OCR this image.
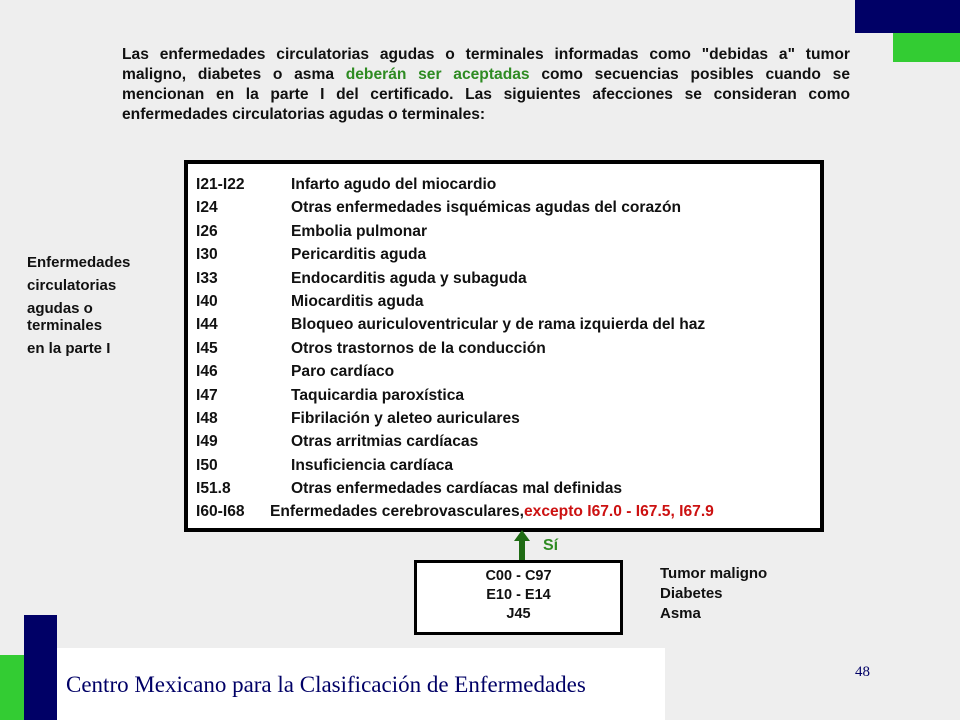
Las enfermedades circulatorias agudas o terminales informadas como "debidas a" tumor maligno, diabetes o asma deberán ser aceptadas como secuencias posibles cuando se mencionan en la parte I del certificado. Las siguientes afecciones se consideran como enfermedades circulatorias agudas o terminales:
Enfermedades
circulatorias
agudas o terminales
en la parte I
I21-I22	Infarto agudo del miocardio
I24	Otras enfermedades isquémicas agudas del corazón
I26	Embolia pulmonar
I30	Pericarditis aguda
I33	Endocarditis aguda y subaguda
I40	Miocarditis aguda
I44	Bloqueo auriculoventricular y de rama izquierda del haz
I45	Otros trastornos de la conducción
I46	Paro cardíaco
I47	Taquicardia paroxística
I48	Fibrilación y aleteo auriculares
I49	Otras arritmias cardíacas
I50	Insuficiencia cardíaca
I51.8	Otras enfermedades cardíacas mal definidas
I60-I68	Enfermedades cerebrovasculares, excepto I67.0 - I67.5, I67.9
Sí
C00 - C97
E10 - E14
J45
Tumor maligno
Diabetes
Asma
Centro Mexicano para la Clasificación de Enfermedades	48
